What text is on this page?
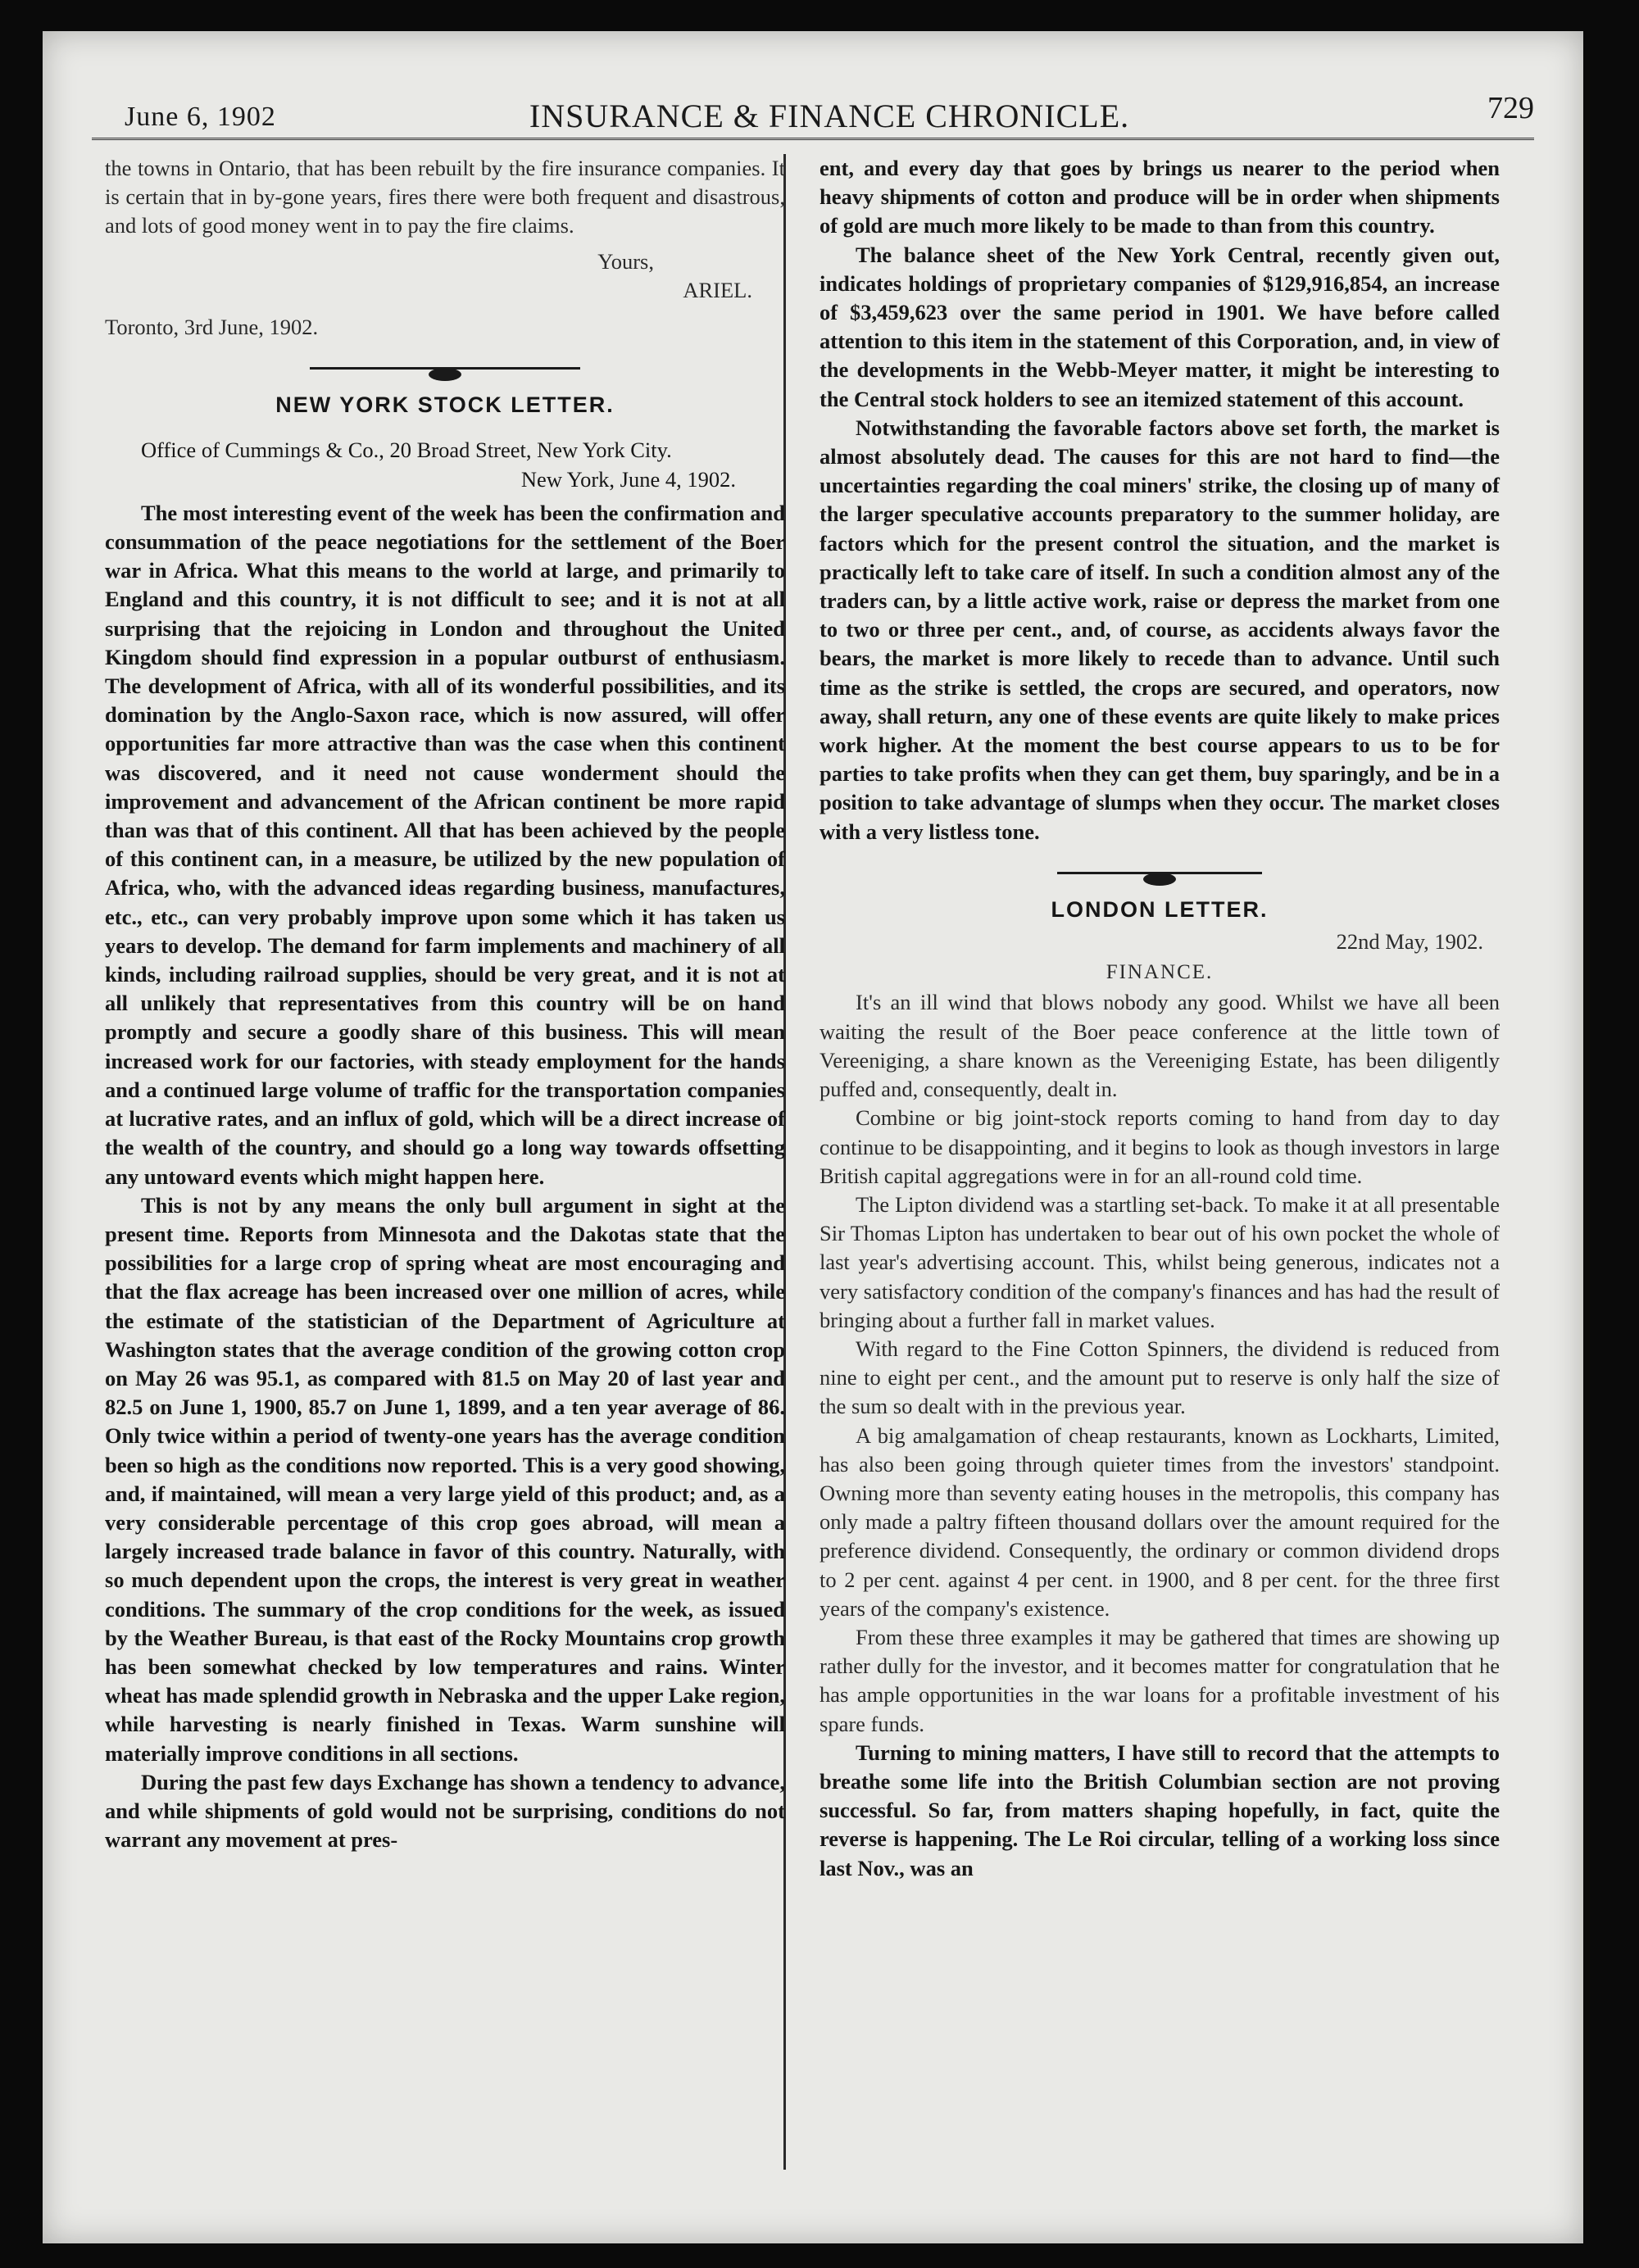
June 6, 1902	INSURANCE & FINANCE CHRONICLE.	729

the towns in Ontario, that has been rebuilt by the fire insurance companies. It is certain that in by-gone years, fires there were both frequent and disastrous, and lots of good money went in to pay the fire claims.

Yours,
ARIEL.
Toronto, 3rd June, 1902.
NEW YORK STOCK LETTER.

Office of Cummings & Co., 20 Broad Street, New York City.

New York, June 4, 1902.

The most interesting event of the week has been the confirmation and consummation of the peace negotiations for the settlement of the Boer war in Africa. What this means to the world at large, and primarily to England and this country, it is not difficult to see; and it is not at all surprising that the rejoicing in London and throughout the United Kingdom should find expression in a popular outburst of enthusiasm. The development of Africa, with all of its wonderful possibilities, and its domination by the Anglo-Saxon race, which is now assured, will offer opportunities far more attractive than was the case when this continent was discovered, and it need not cause wonderment should the improvement and advancement of the African continent be more rapid than was that of this continent. All that has been achieved by the people of this continent can, in a measure, be utilized by the new population of Africa, who, with the advanced ideas regarding business, manufactures, etc., etc., can very probably improve upon some which it has taken us years to develop. The demand for farm implements and machinery of all kinds, including railroad supplies, should be very great, and it is not at all unlikely that representatives from this country will be on hand promptly and secure a goodly share of this business. This will mean increased work for our factories, with steady employment for the hands and a continued large volume of traffic for the transportation companies at lucrative rates, and an influx of gold, which will be a direct increase of the wealth of the country, and should go a long way towards offsetting any untoward events which might happen here.

This is not by any means the only bull argument in sight at the present time. Reports from Minnesota and the Dakotas state that the possibilities for a large crop of spring wheat are most encouraging and that the flax acreage has been increased over one million of acres, while the estimate of the statistician of the Department of Agriculture at Washington states that the average condition of the growing cotton crop on May 26 was 95.1, as compared with 81.5 on May 20 of last year and 82.5 on June 1, 1900, 85.7 on June 1, 1899, and a ten year average of 86. Only twice within a period of twenty-one years has the average condition been so high as the conditions now reported. This is a very good showing, and, if maintained, will mean a very large yield of this product; and, as a very considerable percentage of this crop goes abroad, will mean a largely increased trade balance in favor of this country. Naturally, with so much dependent upon the crops, the interest is very great in weather conditions. The summary of the crop conditions for the week, as issued by the Weather Bureau, is that east of the Rocky Mountains crop growth has been somewhat checked by low temperatures and rains. Winter wheat has made splendid growth in Nebraska and the upper Lake region, while harvesting is nearly finished in Texas. Warm sunshine will materially improve conditions in all sections.

During the past few days Exchange has shown a tendency to advance, and while shipments of gold would not be surprising, conditions do not warrant any movement at pres-

ent, and every day that goes by brings us nearer to the period when heavy shipments of cotton and produce will be in order when shipments of gold are much more likely to be made to than from this country.

The balance sheet of the New York Central, recently given out, indicates holdings of proprietary companies of $129,916,854, an increase of $3,459,623 over the same period in 1901. We have before called attention to this item in the statement of this Corporation, and, in view of the developments in the Webb-Meyer matter, it might be interesting to the Central stock holders to see an itemized statement of this account.

Notwithstanding the favorable factors above set forth, the market is almost absolutely dead. The causes for this are not hard to find—the uncertainties regarding the coal miners' strike, the closing up of many of the larger speculative accounts preparatory to the summer holiday, are factors which for the present control the situation, and the market is practically left to take care of itself. In such a condition almost any of the traders can, by a little active work, raise or depress the market from one to two or three per cent., and, of course, as accidents always favor the bears, the market is more likely to recede than to advance. Until such time as the strike is settled, the crops are secured, and operators, now away, shall return, any one of these events are quite likely to make prices work higher. At the moment the best course appears to us to be for parties to take profits when they can get them, buy sparingly, and be in a position to take advantage of slumps when they occur. The market closes with a very listless tone.

LONDON LETTER.
22nd May, 1902.
FINANCE.

It's an ill wind that blows nobody any good. Whilst we have all been waiting the result of the Boer peace conference at the little town of Vereeniging, a share known as the Vereeniging Estate, has been diligently puffed and, consequently, dealt in.

Combine or big joint-stock reports coming to hand from day to day continue to be disappointing, and it begins to look as though investors in large British capital aggregations were in for an all-round cold time.

The Lipton dividend was a startling set-back. To make it at all presentable Sir Thomas Lipton has undertaken to bear out of his own pocket the whole of last year's advertising account. This, whilst being generous, indicates not a very satisfactory condition of the company's finances and has had the result of bringing about a further fall in market values.

With regard to the Fine Cotton Spinners, the dividend is reduced from nine to eight per cent., and the amount put to reserve is only half the size of the sum so dealt with in the previous year.

A big amalgamation of cheap restaurants, known as Lockharts, Limited, has also been going through quieter times from the investors' standpoint. Owning more than seventy eating houses in the metropolis, this company has only made a paltry fifteen thousand dollars over the amount required for the preference dividend. Consequently, the ordinary or common dividend drops to 2 per cent. against 4 per cent. in 1900, and 8 per cent. for the three first years of the company's existence.

From these three examples it may be gathered that times are showing up rather dully for the investor, and it becomes matter for congratulation that he has ample opportunities in the war loans for a profitable investment of his spare funds.

Turning to mining matters, I have still to record that the attempts to breathe some life into the British Columbian section are not proving successful. So far, from matters shaping hopefully, in fact, quite the reverse is happening. The Le Roi circular, telling of a working loss since last Nov., was an
